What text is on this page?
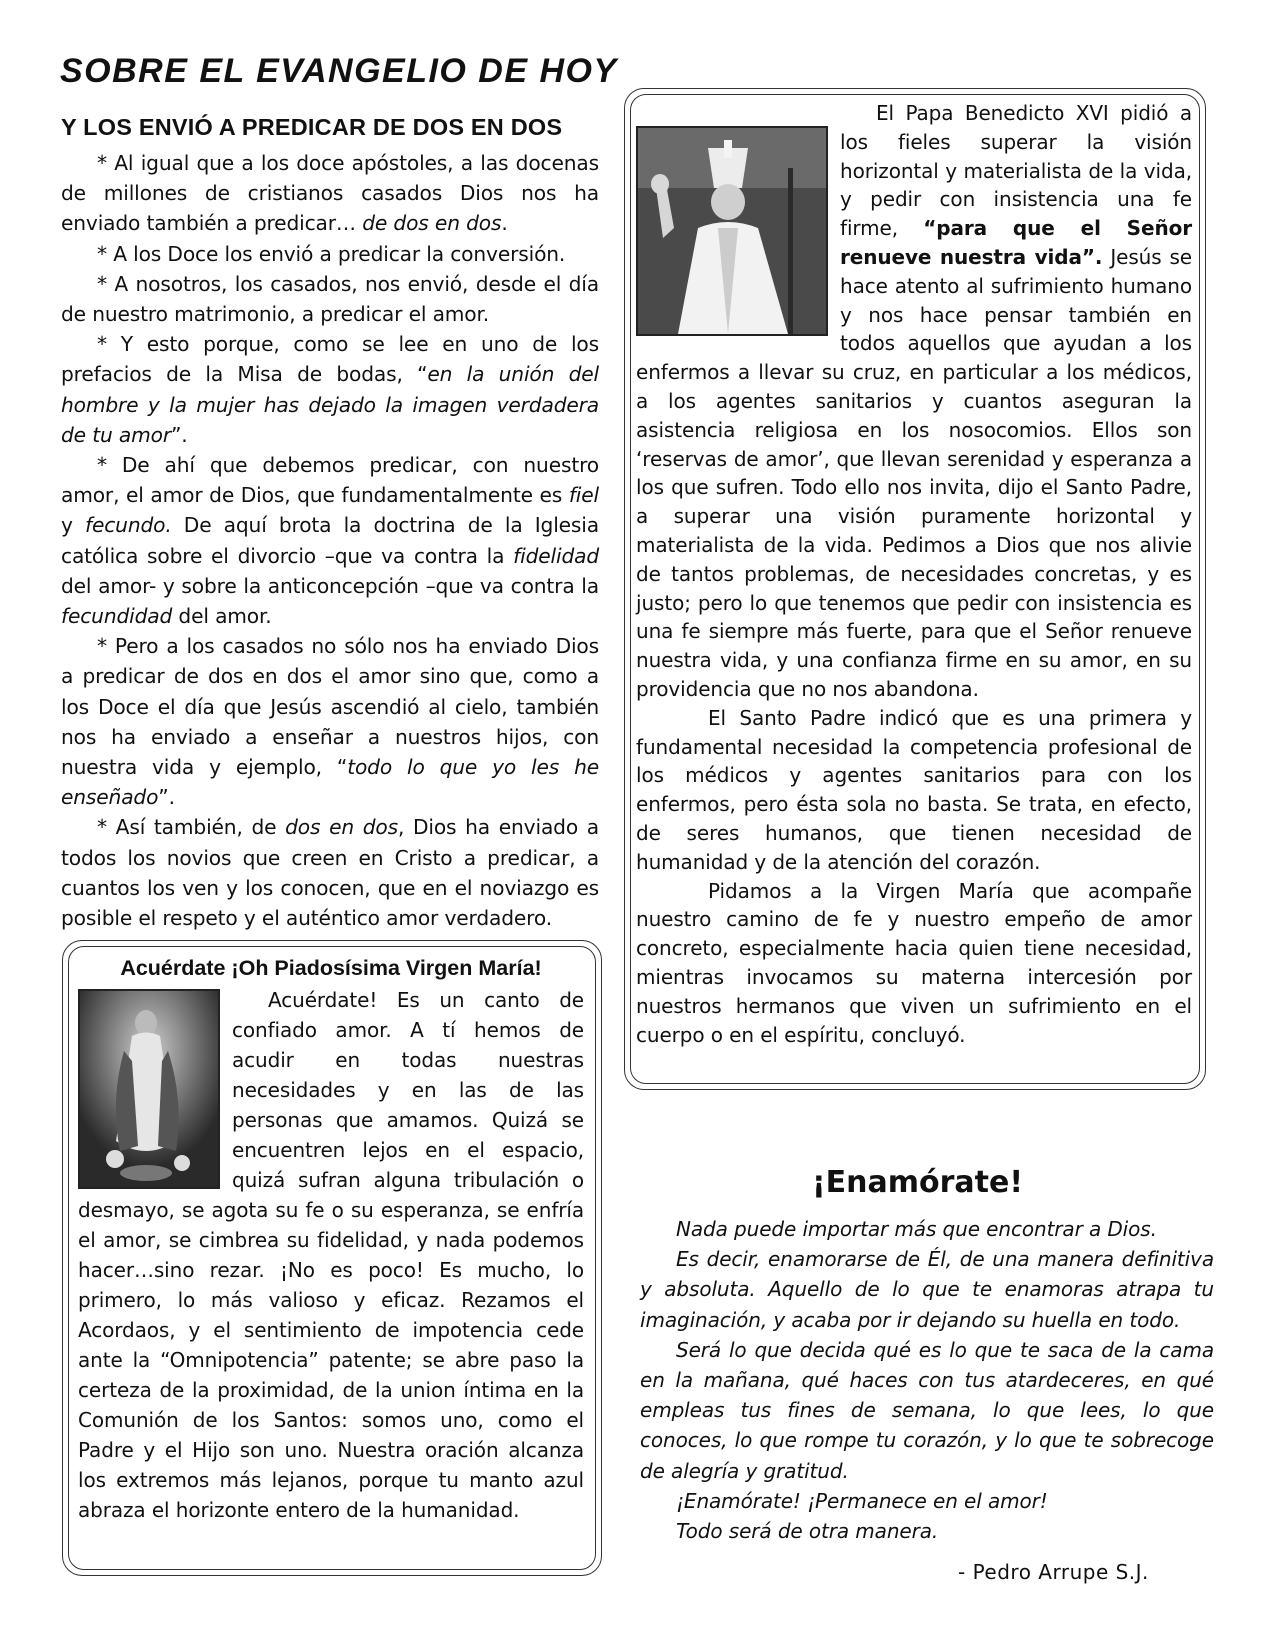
SOBRE EL EVANGELIO DE HOY
Y LOS ENVIÓ A PREDICAR DE DOS EN DOS

* Al igual que a los doce apóstoles, a las docenas de millones de cristianos casados Dios nos ha enviado también a predicar… de dos en dos.

* A los Doce los envió a predicar la conversión.

* A nosotros, los casados, nos envió, desde el día de nuestro matrimonio, a predicar el amor.

* Y esto porque, como se lee en uno de los prefacios de la Misa de bodas, “en la unión del hombre y la mujer has dejado la imagen verdadera de tu amor”.

* De ahí que debemos predicar, con nuestro amor, el amor de Dios, que fundamentalmente es fiel y fecundo. De aquí brota la doctrina de la Iglesia católica sobre el divorcio –que va contra la fidelidad del amor- y sobre la anticoncepción –que va contra la fecundidad del amor.

* Pero a los casados no sólo nos ha enviado Dios a predicar de dos en dos el amor sino que, como a los Doce el día que Jesús ascendió al cielo, también nos ha enviado a enseñar a nuestros hijos, con nuestra vida y ejemplo, “todo lo que yo les he enseñado”.

* Así también, de dos en dos, Dios ha enviado a todos los novios que creen en Cristo a predicar, a cuantos los ven y los conocen, que en el noviazgo es posible el respeto y el auténtico amor verdadero.

Acuérdate ¡Oh Piadosísima Virgen María!

Acuérdate! Es un canto de confiado amor. A tí hemos de acudir en todas nuestras necesidades y en las de las personas que amamos. Quizá se encuentren lejos en el espacio, quizá sufran alguna tribulación o desmayo, se agota su fe o su esperanza, se enfría el amor, se cimbrea su fidelidad, y nada podemos hacer…sino rezar. ¡No es poco! Es mucho, lo primero, lo más valioso y eficaz. Rezamos el Acordaos, y el sentimiento de impotencia cede ante la “Omnipotencia” patente; se abre paso la certeza de la proximidad, de la union íntima en la Comunión de los Santos: somos uno, como el Padre y el Hijo son uno. Nuestra oración alcanza los extremos más lejanos, porque tu manto azul abraza el horizonte entero de la humanidad.

El Papa Benedicto XVI pidió a los fieles superar la visión horizontal y materialista de la vida, y pedir con insistencia una fe firme, “para que el Señor renueve nuestra vida”. Jesús se hace atento al sufrimiento humano y nos hace pensar también en todos aquellos que ayudan a los enfermos a llevar su cruz, en particular a los médicos, a los agentes sanitarios y cuantos aseguran la asistencia religiosa en los nosocomios. Ellos son ‘reservas de amor’, que llevan serenidad y esperanza a los que sufren. Todo ello nos invita, dijo el Santo Padre, a superar una visión puramente horizontal y materialista de la vida. Pedimos a Dios que nos alivie de tantos problemas, de necesidades concretas, y es justo; pero lo que tenemos que pedir con insistencia es una fe siempre más fuerte, para que el Señor renueve nuestra vida, y una confianza firme en su amor, en su providencia que no nos abandona.

El Santo Padre indicó que es una primera y fundamental necesidad la competencia profesional de los médicos y agentes sanitarios para con los enfermos, pero ésta sola no basta. Se trata, en efecto, de seres humanos, que tienen necesidad de humanidad y de la atención del corazón.

Pidamos a la Virgen María que acompañe nuestro camino de fe y nuestro empeño de amor concreto, especialmente hacia quien tiene necesidad, mientras invocamos su materna intercesión por nuestros hermanos que viven un sufrimiento en el cuerpo o en el espíritu, concluyó.

¡Enamórate!

Nada puede importar más que encontrar a Dios.

Es decir, enamorarse de Él, de una manera definitiva y absoluta. Aquello de lo que te enamoras atrapa tu imaginación, y acaba por ir dejando su huella en todo.

Será lo que decida qué es lo que te saca de la cama en la mañana, qué haces con tus atardeceres, en qué empleas tus fines de semana, lo que lees, lo que conoces, lo que rompe tu corazón, y lo que te sobrecoge de alegría y gratitud.

¡Enamórate! ¡Permanece en el amor!

Todo será de otra manera.

- Pedro Arrupe S.J.
